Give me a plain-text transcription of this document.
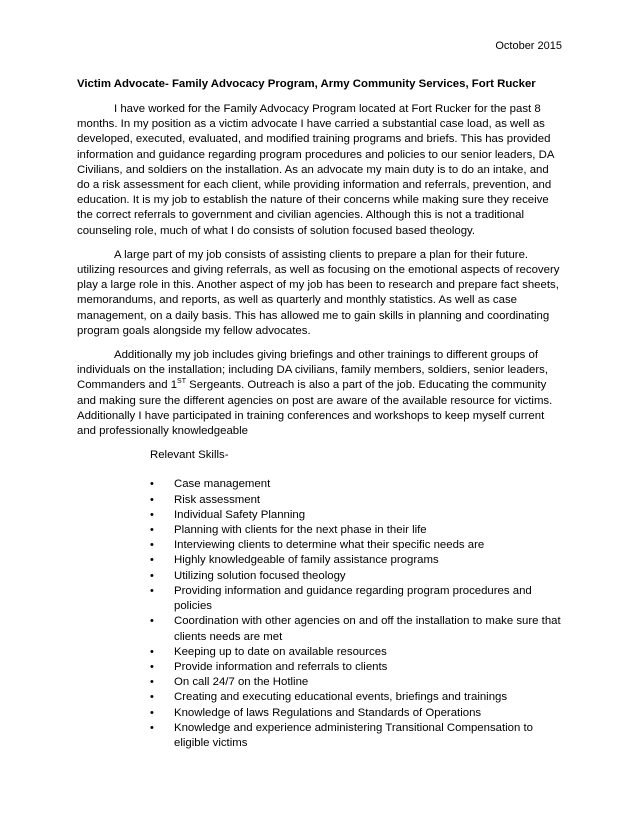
October 2015
Victim Advocate- Family Advocacy Program, Army Community Services, Fort Rucker

I have worked for the Family Advocacy Program located at Fort Rucker for the past 8 months. In my position as a victim advocate I have carried a substantial case load, as well as developed, executed, evaluated, and modified training programs and briefs. This has provided information and guidance regarding program procedures and policies to our senior leaders, DA Civilians, and soldiers on the installation. As an advocate my main duty is to do an intake, and do a risk assessment for each client, while providing information and referrals, prevention, and education. It is my job to establish the nature of their concerns while making sure they receive the correct referrals to government and civilian agencies. Although this is not a traditional counseling role, much of what I do consists of solution focused based theology.

A large part of my job consists of assisting clients to prepare a plan for their future. utilizing resources and giving referrals, as well as focusing on the emotional aspects of recovery play a large role in this. Another aspect of my job has been to research and prepare fact sheets, memorandums, and reports, as well as quarterly and monthly statistics. As well as case management, on a daily basis. This has allowed me to gain skills in planning and coordinating program goals alongside my fellow advocates.

Additionally my job includes giving briefings and other trainings to different groups of individuals on the installation; including DA civilians, family members, soldiers, senior leaders, Commanders and 1ST Sergeants. Outreach is also a part of the job. Educating the community and making sure the different agencies on post are aware of the available resource for victims. Additionally I have participated in training conferences and workshops to keep myself current and professionally knowledgeable

Relevant Skills-
• Case management
• Risk assessment
• Individual Safety Planning
• Planning with clients for the next phase in their life
• Interviewing clients to determine what their specific needs are
• Highly knowledgeable of family assistance programs
• Utilizing solution focused theology
• Providing information and guidance regarding program procedures and policies
• Coordination with other agencies on and off the installation to make sure that clients needs are met
• Keeping up to date on available resources
• Provide information and referrals to clients
• On call 24/7 on the Hotline
• Creating and executing educational events, briefings and trainings
• Knowledge of laws Regulations and Standards of Operations
• Knowledge and experience administering Transitional Compensation to eligible victims
